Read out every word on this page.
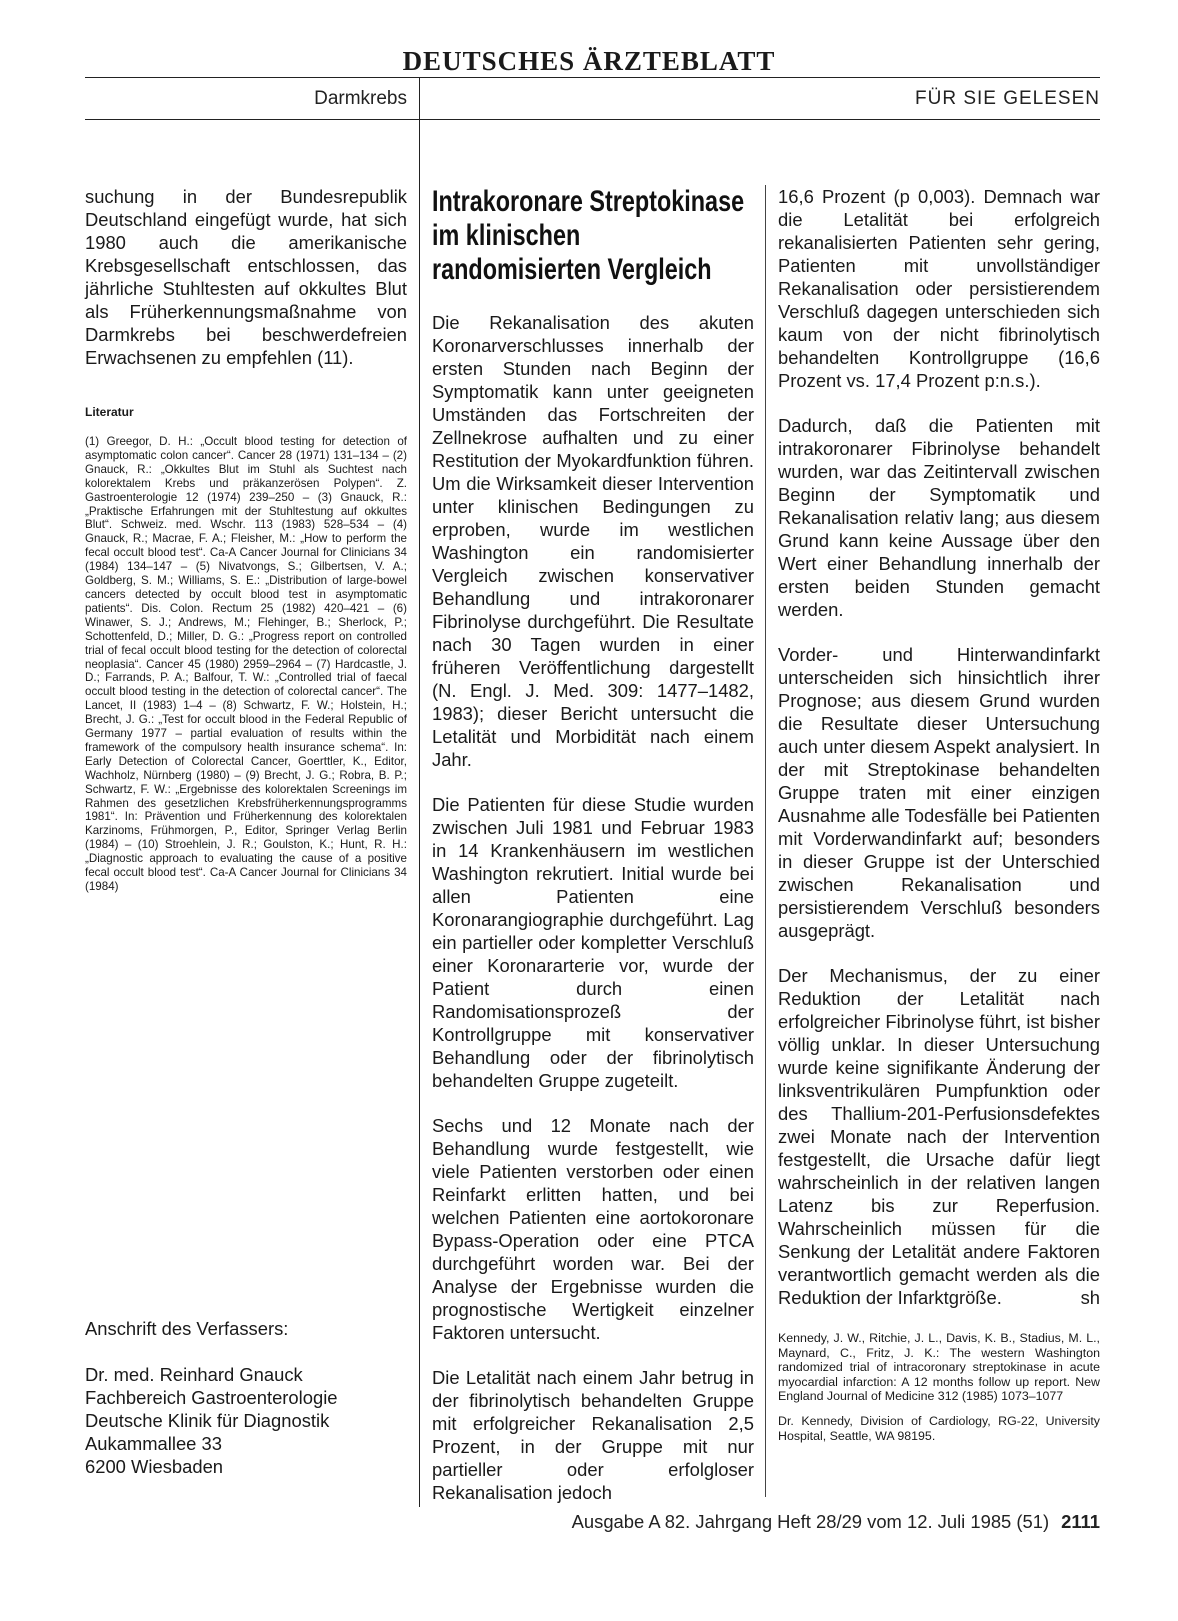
DEUTSCHES ÄRZTEBLATT
Darmkrebs	FÜR SIE GELESEN

suchung in der Bundesrepublik Deutschland eingefügt wurde, hat sich 1980 auch die amerikanische Krebsgesellschaft entschlossen, das jährliche Stuhltesten auf okkultes Blut als Früherkennungsmaßnahme von Darmkrebs bei beschwerdefreien Erwachsenen zu empfehlen (11).

Literatur

(1) Greegor, D. H.: „Occult blood testing for detection of asymptomatic colon cancer“. Cancer 28 (1971) 131–134 – (2) Gnauck, R.: „Okkultes Blut im Stuhl als Suchtest nach kolorektalem Krebs und präkanzerösen Polypen“. Z. Gastroenterologie 12 (1974) 239–250 – (3) Gnauck, R.: „Praktische Erfahrungen mit der Stuhltestung auf okkultes Blut“. Schweiz. med. Wschr. 113 (1983) 528–534 – (4) Gnauck, R.; Macrae, F. A.; Fleisher, M.: „How to perform the fecal occult blood test“. Ca-A Cancer Journal for Clinicians 34 (1984) 134–147 – (5) Nivatvongs, S.; Gilbertsen, V. A.; Goldberg, S. M.; Williams, S. E.: „Distribution of large-bowel cancers detected by occult blood test in asymptomatic patients“. Dis. Colon. Rectum 25 (1982) 420–421 – (6) Winawer, S. J.; Andrews, M.; Flehinger, B.; Sherlock, P.; Schottenfeld, D.; Miller, D. G.: „Progress report on controlled trial of fecal occult blood testing for the detection of colorectal neoplasia“. Cancer 45 (1980) 2959–2964 – (7) Hardcastle, J. D.; Farrands, P. A.; Balfour, T. W.: „Controlled trial of faecal occult blood testing in the detection of colorectal cancer“. The Lancet, II (1983) 1–4 – (8) Schwartz, F. W.; Holstein, H.; Brecht, J. G.: „Test for occult blood in the Federal Republic of Germany 1977 – partial evaluation of results within the framework of the compulsory health insurance schema“. In: Early Detection of Colorectal Cancer, Goerttler, K., Editor, Wachholz, Nürnberg (1980) – (9) Brecht, J. G.; Robra, B. P.; Schwartz, F. W.: „Ergebnisse des kolorektalen Screenings im Rahmen des gesetzlichen Krebsfrüherkennungsprogramms 1981“. In: Prävention und Früherkennung des kolorektalen Karzinoms, Frühmorgen, P., Editor, Springer Verlag Berlin (1984) – (10) Stroehlein, J. R.; Goulston, K.; Hunt, R. H.: „Diagnostic approach to evaluating the cause of a positive fecal occult blood test“. Ca-A Cancer Journal for Clinicians 34 (1984)

Anschrift des Verfassers:
Dr. med. Reinhard Gnauck
Fachbereich Gastroenterologie
Deutsche Klinik für Diagnostik
Aukammallee 33
6200 Wiesbaden
Intrakoronare Streptokinase im klinischen randomisierten Vergleich

Die Rekanalisation des akuten Koronarverschlusses innerhalb der ersten Stunden nach Beginn der Symptomatik kann unter geeigneten Umständen das Fortschreiten der Zellnekrose aufhalten und zu einer Restitution der Myokardfunktion führen. Um die Wirksamkeit dieser Intervention unter klinischen Bedingungen zu erproben, wurde im westlichen Washington ein randomisierter Vergleich zwischen konservativer Behandlung und intrakoronarer Fibrinolyse durchgeführt. Die Resultate nach 30 Tagen wurden in einer früheren Veröffentlichung dargestellt (N. Engl. J. Med. 309: 1477–1482, 1983); dieser Bericht untersucht die Letalität und Morbidität nach einem Jahr.

Die Patienten für diese Studie wurden zwischen Juli 1981 und Februar 1983 in 14 Krankenhäusern im westlichen Washington rekrutiert. Initial wurde bei allen Patienten eine Koronarangiographie durchgeführt. Lag ein partieller oder kompletter Verschluß einer Koronararterie vor, wurde der Patient durch einen Randomisationsprozeß der Kontrollgruppe mit konservativer Behandlung oder der fibrinolytisch behandelten Gruppe zugeteilt.

Sechs und 12 Monate nach der Behandlung wurde festgestellt, wie viele Patienten verstorben oder einen Reinfarkt erlitten hatten, und bei welchen Patienten eine aortokoronare Bypass-Operation oder eine PTCA durchgeführt worden war. Bei der Analyse der Ergebnisse wurden die prognostische Wertigkeit einzelner Faktoren untersucht.

Die Letalität nach einem Jahr betrug in der fibrinolytisch behandelten Gruppe mit erfolgreicher Rekanalisation 2,5 Prozent, in der Gruppe mit nur partieller oder erfolgloser Rekanalisation jedoch

16,6 Prozent (p 0,003). Demnach war die Letalität bei erfolgreich rekanalisierten Patienten sehr gering, Patienten mit unvollständiger Rekanalisation oder persistierendem Verschluß dagegen unterschieden sich kaum von der nicht fibrinolytisch behandelten Kontrollgruppe (16,6 Prozent vs. 17,4 Prozent p:n.s.).

Dadurch, daß die Patienten mit intrakoronarer Fibrinolyse behandelt wurden, war das Zeitintervall zwischen Beginn der Symptomatik und Rekanalisation relativ lang; aus diesem Grund kann keine Aussage über den Wert einer Behandlung innerhalb der ersten beiden Stunden gemacht werden.

Vorder- und Hinterwandinfarkt unterscheiden sich hinsichtlich ihrer Prognose; aus diesem Grund wurden die Resultate dieser Untersuchung auch unter diesem Aspekt analysiert. In der mit Streptokinase behandelten Gruppe traten mit einer einzigen Ausnahme alle Todesfälle bei Patienten mit Vorderwandinfarkt auf; besonders in dieser Gruppe ist der Unterschied zwischen Rekanalisation und persistierendem Verschluß besonders ausgeprägt.

Der Mechanismus, der zu einer Reduktion der Letalität nach erfolgreicher Fibrinolyse führt, ist bisher völlig unklar. In dieser Untersuchung wurde keine signifikante Änderung der linksventrikulären Pumpfunktion oder des Thallium-201-Perfusionsdefektes zwei Monate nach der Intervention festgestellt, die Ursache dafür liegt wahrscheinlich in der relativen langen Latenz bis zur Reperfusion. Wahrscheinlich müssen für die Senkung der Letalität andere Faktoren verantwortlich gemacht werden als die Reduktion der Infarktgröße.	sh

Kennedy, J. W., Ritchie, J. L., Davis, K. B., Stadius, M. L., Maynard, C., Fritz, J. K.: The western Washington randomized trial of intracoronary streptokinase in acute myocardial infarction: A 12 months follow up report. New England Journal of Medicine 312 (1985) 1073–1077

Dr. Kennedy, Division of Cardiology, RG-22, University Hospital, Seattle, WA 98195.

Ausgabe A 82. Jahrgang Heft 28/29 vom 12. Juli 1985 (51) 2111
